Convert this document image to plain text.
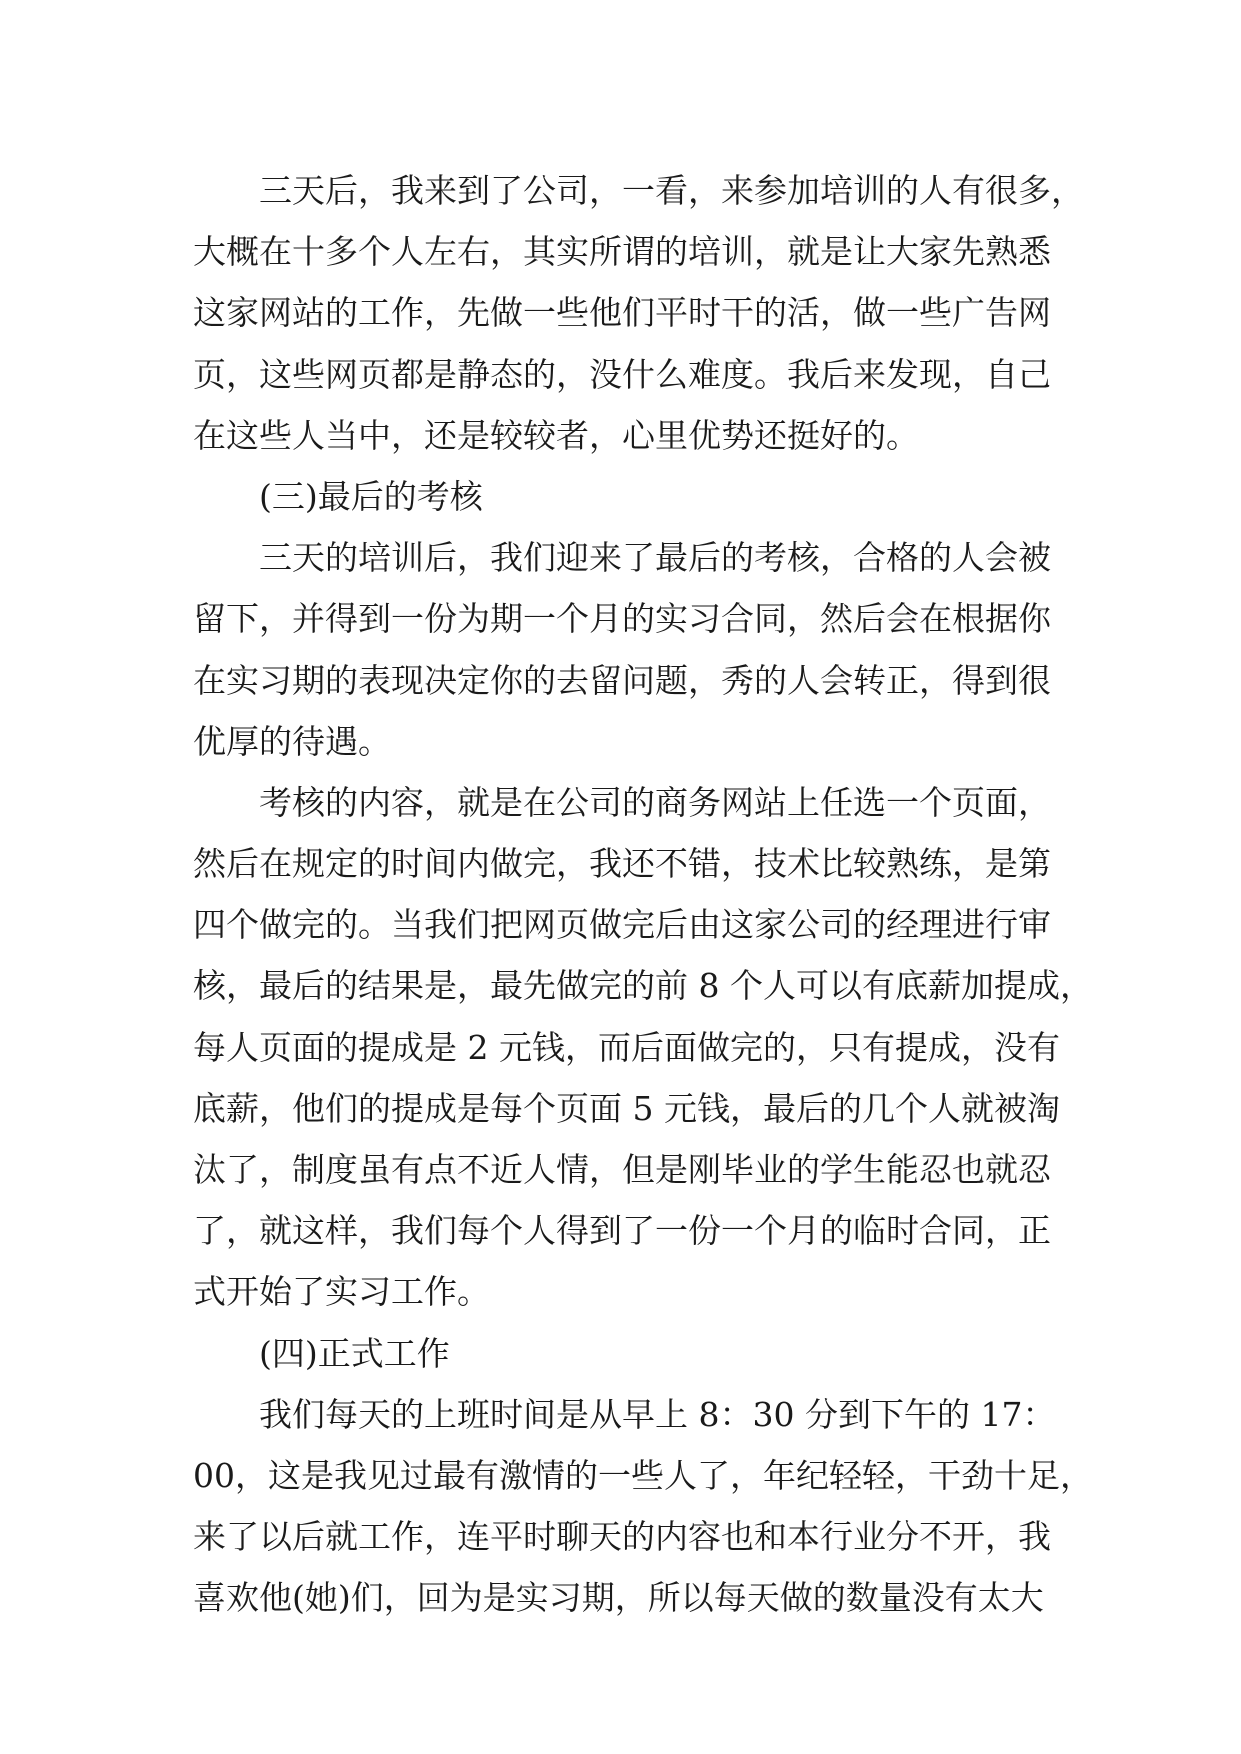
三天后，我来到了公司，一看，来参加培训的人有很多，
大概在十多个人左右，其实所谓的培训，就是让大家先熟悉
这家网站的工作，先做一些他们平时干的活，做一些广告网
页，这些网页都是静态的，没什么难度。我后来发现，自己
在这些人当中，还是较较者，心里优势还挺好的。
(三)最后的考核
三天的培训后，我们迎来了最后的考核，合格的人会被
留下，并得到一份为期一个月的实习合同，然后会在根据你
在实习期的表现决定你的去留问题，秀的人会转正，得到很
优厚的待遇。
考核的内容，就是在公司的商务网站上任选一个页面，
然后在规定的时间内做完，我还不错，技术比较熟练，是第
四个做完的。当我们把网页做完后由这家公司的经理进行审
核，最后的结果是，最先做完的前 8 个人可以有底薪加提成，
每人页面的提成是 2 元钱，而后面做完的，只有提成，没有
底薪，他们的提成是每个页面 5 元钱，最后的几个人就被淘
汰了，制度虽有点不近人情，但是刚毕业的学生能忍也就忍
了，就这样，我们每个人得到了一份一个月的临时合同，正
式开始了实习工作。
(四)正式工作
我们每天的上班时间是从早上 8：30 分到下午的 17：
00，这是我见过最有激情的一些人了，年纪轻轻，干劲十足，
来了以后就工作，连平时聊天的内容也和本行业分不开，我
喜欢他(她)们，回为是实习期，所以每天做的数量没有太大
